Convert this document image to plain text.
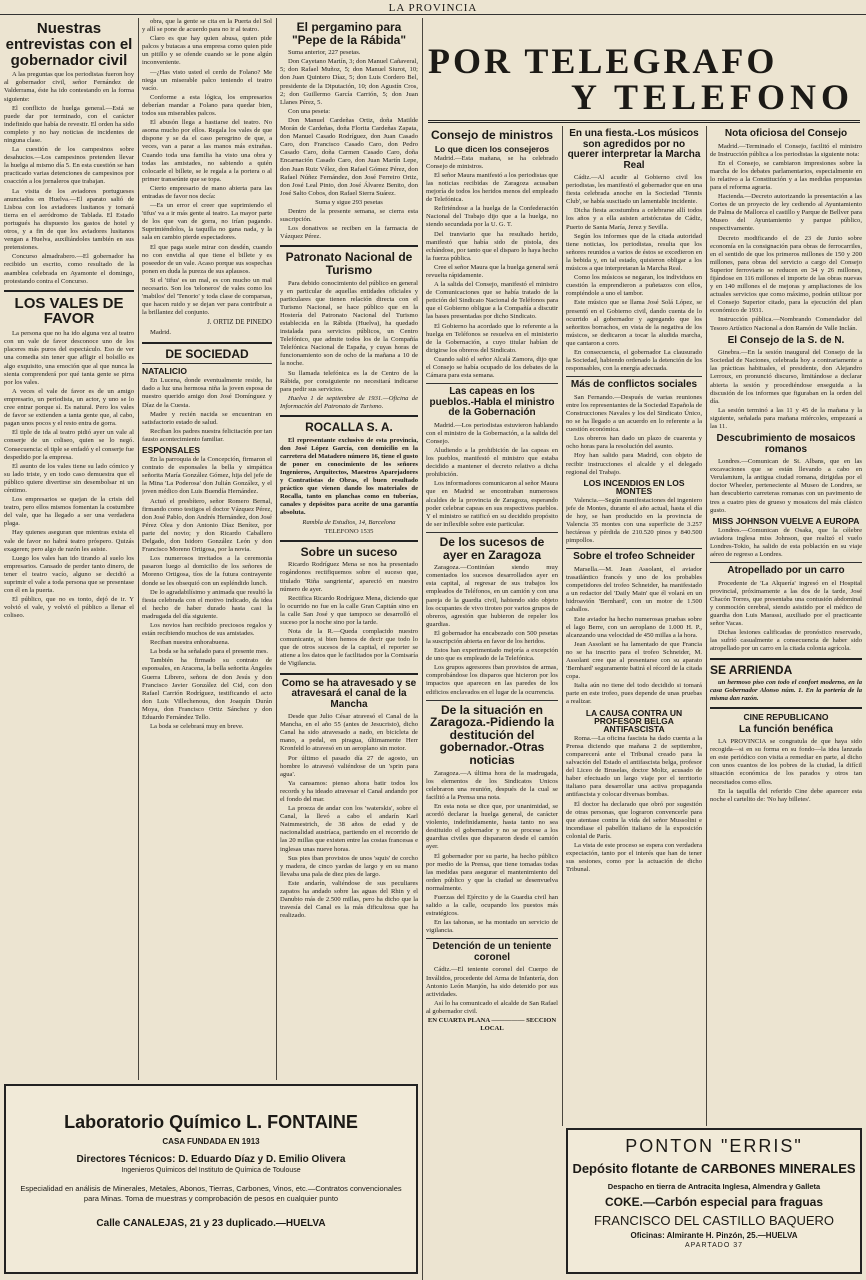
LA PROVINCIA
Nuestras entrevistas con el gobernador civil

A las preguntas que los periodistas fueron hoy al gobernador civil, señor Fernández de Valderrama, éste ha ido contestando en la forma siguiente:

El conflicto de huelga general.—Está se puede dar por terminado, con el carácter indefinido que había de revestir. El orden ha sido completo y no hay noticias de incidentes de ninguna clase.

La cuestión de los campesinos sobre desahucios.—Los campesinos pretenden llevar la huelga al mismo día 5. En esta cuestión se han practicado varias detenciones de campesinos por coacción a los jornaleros que trabajan.

La visita de los aviadores portugueses anunciados en Huelva.—El aparato salió de Lisboa con los aviadores lusitanos y tomará tierra en el aeródromo de Tablada. El Estado portugués ha dispuesto los gastos de hotel y otros, y a fin de que los aviadores lusitanos vengan a Huelva, auxiliándoles también en sus pretensiones.

Concurso almadrabero.—El gobernador ha recibido un escrito, como resultado de la asamblea celebrada en Ayamonte el domingo, protestando contra el Concurso.

LOS VALES DE FAVOR

La persona que no ha ido alguna vez al teatro con un vale de favor desconoce uno de los placeres más puros del espectáculo. Eso de ver una comedia sin tener que afligir el bolsillo es algo exquisito, una emoción que al que nunca la sienta comprenderá por qué tanta gente se pirra por los vales.

A veces el vale de favor es de un amigo empresario, un periodista, un actor, y uno se lo cree entrar porque sí. Es natural. Pero los vales de favor se extienden a tanta gente que, al cabo, pagan unos pocos y el resto entra de gorra.

El tiple de ida al teatro pidió ayer un vale al conserje de un coliseo, quien se lo negó. Consecuencia: el tiple se enfadó y el conserje fue despedido por la empresa.

El asunto de los vales tiene su lado cómico y su lado triste, y en todo caso demuestra que el público quiere divertirse sin desembolsar ni un céntimo.

Los empresarios se quejan de la crisis del teatro, pero ellos mismos fomentan la costumbre del vale, que ha llegado a ser una verdadera plaga.

Hay quienes aseguran que mientras exista el vale de favor no habrá teatro próspero. Quizás exageren; pero algo de razón les asiste.

Luego los vales han ido tirando al suelo los empresarios. Cansado de perder tanto dinero, de tener el teatro vacío, alguno se decidió a suprimir el vale a toda persona que se presentase con él en la puerta.

El público, que no es tonto, dejó de ir. Y volvió el vale, y volvió el público a llenar el coliseo.

obra, que la gente se cita en la Puerta del Sol y allí se pone de acuerdo para no ir al teatro.

Claro es que hay quien abusa, quien pide palcos y butacas a una empresa como quien pide un pitillo y se ofende cuando se le pone algún inconveniente.

—¿Has visto usted el cerdo de Folano? Me niega un miserable palco teniendo el teatro vacío.

Conforme a esta lógica, los empresarios deberían mandar a Folano para quedar bien, todos sus miserables palcos.

El abusón llega a hastiarse del teatro. No asoma mucho por ellos. Regala los vales de que dispone y se da el caso peregrino de que, a veces, van a parar a las manos más extrañas. Cuando toda una familia ha visto una obra y todas las amistades, no sabiendo a quién colocarle el billete, se le regala a la portera o al primer transeúnte que se topa.

Cierto empresario de mano abierta para las entradas de favor nos decía:

—Es un error el creer que suprimiendo el 'tifus' va a ir más gente al teatro. La mayor parte de los que van de gorra, no irían pagando. Suprimiéndolos, la taquilla no gana nada, y la sala en cambio pierde espectadores.

El que paga suele mirar con desdén, cuando no con envidia al que tiene el billete y es poseedor de un vale. Acaso porque sus sospechas ponen en duda la pureza de sus aplausos.

Si el 'tifus' es un mal, es con mucho un mal necesario. Son los 'teloneros' de vales como los 'mabilos' del 'Tenorio' y toda clase de comparsas, que hacen ruido y se dejan ver para contribuir a la brillantez del conjunto.

J. ORTIZ DE PINEDO

Madrid.

DE SOCIEDAD
NATALICIO

En Lucena, donde eventualmente reside, ha dado a luz una hermosa niña la joven esposa de nuestro querido amigo don José Domínguez y Díaz de la Cuesta.

Madre y recién nacida se encuentran en satisfactorio estado de salud.

Reciban los padres nuestra felicitación por tan fausto acontecimiento familiar.

ESPONSALES

En la parroquia de la Concepción, firmaron el contrato de esponsales la bella y simpática señorita María González Gómez, hija del jefe de la Mina 'La Poderosa' don Julián González, y el joven médico don Luis Buendía Hernández.

Actuó el presbítero, señor Romero Bernal, firmando como testigos el doctor Vázquez Pérez, don José Pablo, don Andrés Hernández, don José Pérez Olea y don Antonio Díaz Benítez, por parte del novio; y don Ricardo Caballero Delgado, don Isidoro González León y don Francisco Moreno Ortigosa, por la novia.

Los numerosos invitados a la ceremonia pasaron luego al domicilio de los señores de Moreno Ortigosa, tíos de la futura contrayente donde se les obsequió con un espléndido lunch.

De lo agradabilísimo y animada que resultó la fiesta celebrada con el motivo indicado, da idea el hecho de haber durado hasta casi la madrugada del día siguiente.

Los novios han recibido preciosos regalos y están recibiendo muchos de sus amistades.

Reciban nuestra enhorabuena.

La boda se ha señalado para el presente mes.

También ha firmado su contrato de esponsales, en Aracena, la bella señorita Ángeles Guerra Librero, señora de don Jesús y don Francisco Javier González del Cid, con don Rafael Carrión Rodríguez, testificando el acto don Luis Villechenous, don Joaquín Durán Moya, don Francisco Ortiz Sánchez y don Eduardo Fernández Tello.

La boda se celebrará muy en breve.

El pergamino para "Pepe de la Rábida"

Suma anterior, 227 pesetas.

Don Cayetano Martín, 3; don Manuel Cañaveral, 5; don Rafael Muñoz, 5; don Manuel Siurot, 10; don Juan Quintero Díaz, 5; don Luis Cordero Bel, presidente de la Diputación, 10; don Agustín Cros, 2; don Guillermo García Carrión, 5; don Juan Llanes Pérez, 5.

Con una peseta:

Don Manuel Cardeñas Ortiz, doña Matilde Morán de Cardeñas, doña Florita Cardeñas Zapata, don Manuel Casado Rodríguez, don Juan Casado Caro, don Francisco Casado Caro, don Pedro Casado Caro, doña Carmen Casado Caro, doña Encarnación Casado Caro, don Juan Martín Lepe, don Juan Ruiz Vélez, don Rafael Gómez Pérez, don Rafael Núñez Fernández, don José Ferreiro Ortiz, don José Leal Pinto, don José Álvarez Benito, don José Salto Cobos, don Rafael Sierra Suárez.

Suma y sigue 293 pesetas

Dentro de la presente semana, se cierra esta suscripción.

Los donativos se reciben en la farmacia de Vázquez Pérez.

Patronato Nacional de Turismo

Para debido conocimiento del público en general y en particular de aquellas entidades oficiales y particulares que tienen relación directa con el Turismo Nacional, se hace público que en la Hostería del Patronato Nacional del Turismo establecida en la Rábida (Huelva), ha quedado instalada para servicios públicos, un Centro Telefónico, que admite todos los de la Compañía Telefónica Nacional de España, y cuyas horas de funcionamiento son de ocho de la mañana a 10 de la noche.

Su llamada telefónica es la de Centro de la Rábida, por consiguiente no necesitará indicarse para pedir sus servicios.

Huelva 1 de septiembre de 1931.—Oficina de Información del Patronato de Turismo.

ROCALLA S. A.

El representante exclusivo de esta provincia, don José López García, con domicilio en la carretera del Matadero número 16, tiene el gusto de poner en conocimiento de los señores Ingenieros, Arquitectos, Maestros Aparejadores y Contratistas de Obras, el buen resultado práctico que vienen dando los materiales de Rocalla, tanto en planchas como en tuberías, canales y depósitos para aceite de una garantía absoluta.

Rambla de Estudios, 14, Barcelona

TELEFONO 1535

Sobre un suceso

Ricardo Rodríguez Mena se nos ha presentado rogándonos rectifiquemos sobre el suceso que, titulado 'Riña sangrienta', apareció en nuestro número de ayer.

Rectifica Ricardo Rodríguez Mena, diciendo que lo ocurrido no fue en la calle Gran Capitán sino en la calle San José y que tampoco se desarrolló el suceso por la noche sino por la tarde.

Nota de la R.—Queda complacido nuestro comunicante, si bien hemos de decir que todo lo que de otros sucesos de la capital, el reporter se atiene a los datos que le facilitados por la Comisaría de Vigilancia.

Como se ha atravesado y se atravesará el canal de la Mancha

Desde que Julio César atravesó el Canal de la Mancha, en el año 55 (antes de Jesucristo), dicho Canal ha sido atravesado a nado, en bicicleta de mano, a pedal, en piragua, últimamente Herr Kronfeld lo atravesó en un aeroplano sin motor.

Por último el pasado día 27 de agosto, un hombre lo atravesó valiéndose de un 'sprin para agua'.

Ya cansamos: pienso ahora batir todos los records y ha ideado atravesar el Canal andando por el fondo del mar.

La proeza de andar con los 'waterskis', sobre el Canal, la llevó a cabo el andarín Karl Naimmestrich, de 38 años de edad y de nacionalidad austríaca, partiendo en el recorrido de las 20 millas que existen entre las costas francesas e inglesas unas nueve horas.

Sus pies iban provistos de unos 'squis' de corcho y madera, de cinco yardas de largo y en su mano llevaba una pala de diez pies de largo.

Este andarín, valiéndose de sus peculiares zapatos ha andado sobre las aguas del Rhin y el Danubio más de 2.500 millas, pero ha dicho que la travesía del Canal es la más dificultosa que ha realizado.

POR TELEGRAFO
Y TELEFONO
Consejo de ministros
Lo que dicen los consejeros

Madrid.—Esta mañana, se ha celebrado Consejo de ministros.

El señor Maura manifestó a los periodistas que las noticias recibidas de Zaragoza acusaban mejoría de todos los heridos menos del empleado de Telefónica.

Refiriéndose a la huelga de la Confederación Nacional del Trabajo dijo que a la huelga, no siendo secundada por la U. G. T.

Del tranviario que ha resultado herido, manifestó que había sido de pistola, des echándose, por tanto que el disparo lo haya hecho la fuerza pública.

Cree el señor Maura que la huelga general será revuelta rápidamente.

A la salida del Consejo, manifestó el ministro de Comunicaciones que se había tratado de la petición del Sindicato Nacional de Teléfonos para que el Gobierno obligue a la Compañía a discutir las bases presentadas por dicho Sindicato.

El Gobierno ha acordado que lo referente a la huelga en Teléfonos se resuelva en el ministerio de la Gobernación, a cuyo titular habían de dirigirse los obreros del Sindicato.

Cuando salió el señor Alcalá Zamora, dijo que el Consejo se había ocupado de los debates de la Cámara para esta semana.

Las capeas en los pueblos.-Habla el ministro de la Gobernación

Madrid.—Los periodistas estuvieron hablando con el ministro de la Gobernación, a la salida del Consejo.

Aludiendo a la prohibición de las capeas en los pueblos, manifestó el ministro que estaba decidido a mantener el decreto relativo a dicha prohibición.

Los informadores comunicaron al señor Maura que en Madrid se encontraban numerosos alcaldes de la provincia de Zaragoza, esperando poder celebrar capeas en sus respectivos pueblos. Y el ministro se ratificó en su decidido propósito de ser inflexible sobre este particular.

De los sucesos de ayer en Zaragoza

Zaragoza.—Continúan siendo muy comentados los sucesos desarrollados ayer en esta capital, al regresar de sus trabajos los empleados de Teléfonos, en un camión y con una pareja de la guardia civil, habiendo sido objeto los ocupantes de vivo tiroteo por varios grupos de obreros, agresión que hubieron de repeler los guardias.

El gobernador ha encabezado con 500 pesetas la suscripción abierta en favor de los heridos.

Estos han experimentado mejoría a excepción de uno que es empleado de la Telefónica.

Los grupos agresores iban provistos de armas, comprobándose los disparos que hicieron por los impactos que aparecen en las paredes de los edificios enclavados en el lugar de la ocurrencia.

De la situación en Zaragoza.-Pidiendo la destitución del gobernador.-Otras noticias

Zaragoza.—A última hora de la madrugada, los elementos de los Sindicatos Unicos celebraron una reunión, después de la cual se facilitó a la Prensa una nota.

En esta nota se dice que, por unanimidad, se acordó declarar la huelga general, de carácter violento, indefinidamente, hasta tanto no sea destituido el gobernador y no se procese a los guardias civiles que dispararon desde el camión ayer.

El gobernador por su parte, ha hecho público por medio de la Prensa, que tiene tomadas todas las medidas para asegurar el mantenimiento del orden público y que la ciudad se desenvuelva normalmente.

Fuerzas del Ejército y de la Guardia civil han salido a la calle, ocupando los puestos más estratégicos.

En las tahonas, se ha montado un servicio de vigilancia.

Detención de un teniente coronel

Cádiz.—El teniente coronel del Cuerpo de Inválidos, procedente del Arma de Infantería, don Antonio León Manjón, ha sido detenido por sus actividades.

Así lo ha comunicado el alcalde de San Rafael al gobernador civil.

EN CUARTA PLANA ————— SECCION LOCAL

En una fiesta.-Los músicos son agredidos por no querer interpretar la Marcha Real

Cádiz.—Al acudir al Gobierno civil los periodistas, les manifestó el gobernador que en una fiesta celebrada anoche en la Sociedad 'Tennis Club', se había suscitado un lamentable incidente.

Dicha fiesta acostumbra a celebrarse allí todos los años y a ella asisten aristócratas de Cádiz, Puerto de Santa María, Jerez y Sevilla.

Según los informes que de la citada autoridad tiene noticias, los periodistas, resulta que los señores reunidos a varios de éstos se excedieron en la bebida y, en tal estado, quisieron obligar a los músicos a que interpretaran la Marcha Real.

Como los músicos se negaran, los individuos en cuestión la emprendieron a puñetazos con ellos, rompiéndole a uno el tambor.

Este músico que se llama José Solá López, se presentó en el Gobierno civil, dando cuenta de lo ocurrido al gobernador y agregando que los señoritos borrachos, en vista de la negativa de los músicos, se dedicaron a tocar la aludida marcha, que cantaron a coro.

En consecuencia, el gobernador La clausurado la Sociedad, habiendo ordenado la detención de los responsables, con la energía adecuada.

Más de conflictos sociales

San Fernando.—Después de varias reuniones entre los representantes de la Sociedad Española de Construcciones Navales y los del Sindicato Único, no se ha llegado a un acuerdo en lo referente a la cuestión económica.

Los obreros han dado un plazo de cuarenta y ocho horas para la resolución del asunto.

Hoy han salido para Madrid, con objeto de recibir instrucciones el alcalde y el delegado regional del Trabajo.

LOS INCENDIOS EN LOS MONTES

Valencia.—Según manifestaciones del ingeniero jefe de Montes, durante el año actual, hasta el día de hoy, se han producido en la provincia de Valencia 35 montes con una superficie de 3.257 hectáreas y pérdida de 210.520 pinos y 840.500 pimpollos.

Sobre el trofeo Schneider

Marsella.—M. Jean Assolant, el aviador trasatlántico francés y uno de los probables competidores del trofeo Schneider, ha manifestado a un redactor del 'Daily Main' que él volará en un hidroavión 'Bernhard', con un motor de 1.500 caballos.

Este aviador ha hecho numerosas pruebas sobre el lago Berre, con un aeroplano de 1.000 H. P., alcanzando una velocidad de 450 millas a la hora.

Jean Assolant se ha lamentado de que Francia no se ha inscrito para el trofeo Schneider, M. Assolant cree que al presentarse con su aparato 'Bernhard' seguramente batirá el récord de la citada copa.

Italia aún no tiene del todo decidido si tomará parte en este trofeo, pues depende de unas pruebas a realizar.

LA CAUSA CONTRA UN PROFESOR BELGA ANTIFASCISTA

Roma.—La oficina fascista ha dado cuenta a la Prensa diciendo que mañana 2 de septiembre, comparecerá ante el Tribunal creado para la salvación del Estado el antifascista belga, profesor del Liceo de Bruselas, doctor Moltz, acusado de haber efectuado un largo viaje por el territorio italiano para desarrollar una activa propaganda antifascista y colocar diversas bombas.

El doctor ha declarado que obró por sugestión de otras personas, que lograron convencerle para que atentase contra la vida del señor Mussolini e incendiase el pabellón italiano de la exposición colonial de París.

La vista de este proceso se espera con verdadera expectación, tanto por el interés que han de tener sus sesiones, como por la actuación de dicho Tribunal.

Nota oficiosa del Consejo

Madrid.—Terminado el Consejo, facilitó el ministro de Instrucción pública a los periodistas la siguiente nota:

En el Consejo, se cambiaron impresiones sobre la marcha de los debates parlamentarios, especialmente en lo relativo a la Constitución y a las medidas propuestas para el reforma agraria.

Hacienda.—Decreto autorizando la presentación a las Cortes de un proyecto de ley cediendo al Ayuntamiento de Palma de Mallorca el castillo y Parque de Bellver para Museo del Ayuntamiento y parque público, respectivamente.

Decreto modificando el de 23 de Junio sobre economía en la consignación para obras de ferrocarriles, en el sentido de que los primeros millones de 150 y 200 millones, para obras del servicio a cargo del Consejo Superior ferroviario se reducen en 34 y 26 millones, fijándose en 116 millones el importe de las obras nuevas y en 140 millones el de mejoras y ampliaciones de los actuales servicios que como máximo, podrán utilizar por el Consejo Superior citado, para la ejecución del plan económico de 1931.

Instrucción pública.—Nombrando Comendador del Tesoro Artístico Nacional a don Ramón de Valle Inclán.

El Consejo de la S. de N.

Ginebra.—En la sesión inaugural del Consejo de la Sociedad de Naciones, celebrada hoy a contrariamente a las prácticas habituales, el presidente, don Alejandro Lerroux, en pronunció discurso, limitándose a declarar abierta la sesión y procediéndose enseguida a la discusión de los informes que figuraban en la orden del día.

La sesión terminó a las 11 y 45 de la mañana y la siguiente, señalada para mañana miércoles, empezará a las 11.

Descubrimiento de mosaicos romanos

Londres.—Comunican de St. Albans, que en las excavaciones que se están llevando a cabo en Verulamium, la antigua ciudad romana, dirigidas por el doctor Wheeler, perteneciente al Museo de Londres, se han descubierto carreteras romanas con un pavimento de tres a cuatro pies de grueso y mosaicos del más clásico gusto.

MISS JOHNSON VUELVE A EUROPA

Londres.—Comunican de Osaka, que la célebre aviadora inglesa miss Johnson, que realizó el vuelo Londres-Tokio, ha salido de esta población en su viaje aéreo de regreso a Londres.

Atropellado por un carro

Procedente de 'La Alquería' ingresó en el Hospital provincial, próximamente a las dos de la tarde, José Chacón Torres, que presentaba una contusión abdominal y conmoción cerebral, siendo asistido por el médico de guardia don Luis Marassi, auxiliado por el practicante señor Vacas.

Dichas lesiones calificadas de pronóstico reservado, las sufrió casualmente a consecuencia de haber sido atropellado por un carro en la citada colonia agrícola.

SE ARRIENDA

un hermoso piso con todo el confort moderno, en la casa Gobernador Alonso núm. 1. En la portería de la misma dan razón.

CINE REPUBLICANO
La función benéfica

LA PROVINCIA se congratula de que haya sido recogida—si en su forma en su fondo—la idea lanzada en este periódico con visita a remediar en parte, al dicho con unos cuantos de los pobres de la ciudad, la difícil situación económica de los parados y otros tan necesitados como ellos.

En la taquilla del referido Cine debe aparecer esta noche el cartelito de: 'No hay billetes'.

Laboratorio Químico L. FONTAINE
CASA FUNDADA EN 1913
Directores Técnicos: D. Eduardo Díaz y D. Emilio Olivera
Ingenieros Químicos del Instituto de Química de Toulouse
Especialidad en análisis de Minerales, Metales, Abonos, Tierras, Carbones, Vinos, etc.—Contratos convencionales para Minas. Toma de muestras y comprobación de pesos en cualquier punto
Calle CANALEJAS, 21 y 23 duplicado.—HUELVA
PONTON "ERRIS"
Depósito flotante de CARBONES MINERALES
Despacho en tierra de Antracita Inglesa, Almendra y Galleta
COKE.—Carbón especial para fraguas
FRANCISCO DEL CASTILLO BAQUERO
Oficinas: Almirante H. Pinzón, 25.—HUELVA
APARTADO 37
